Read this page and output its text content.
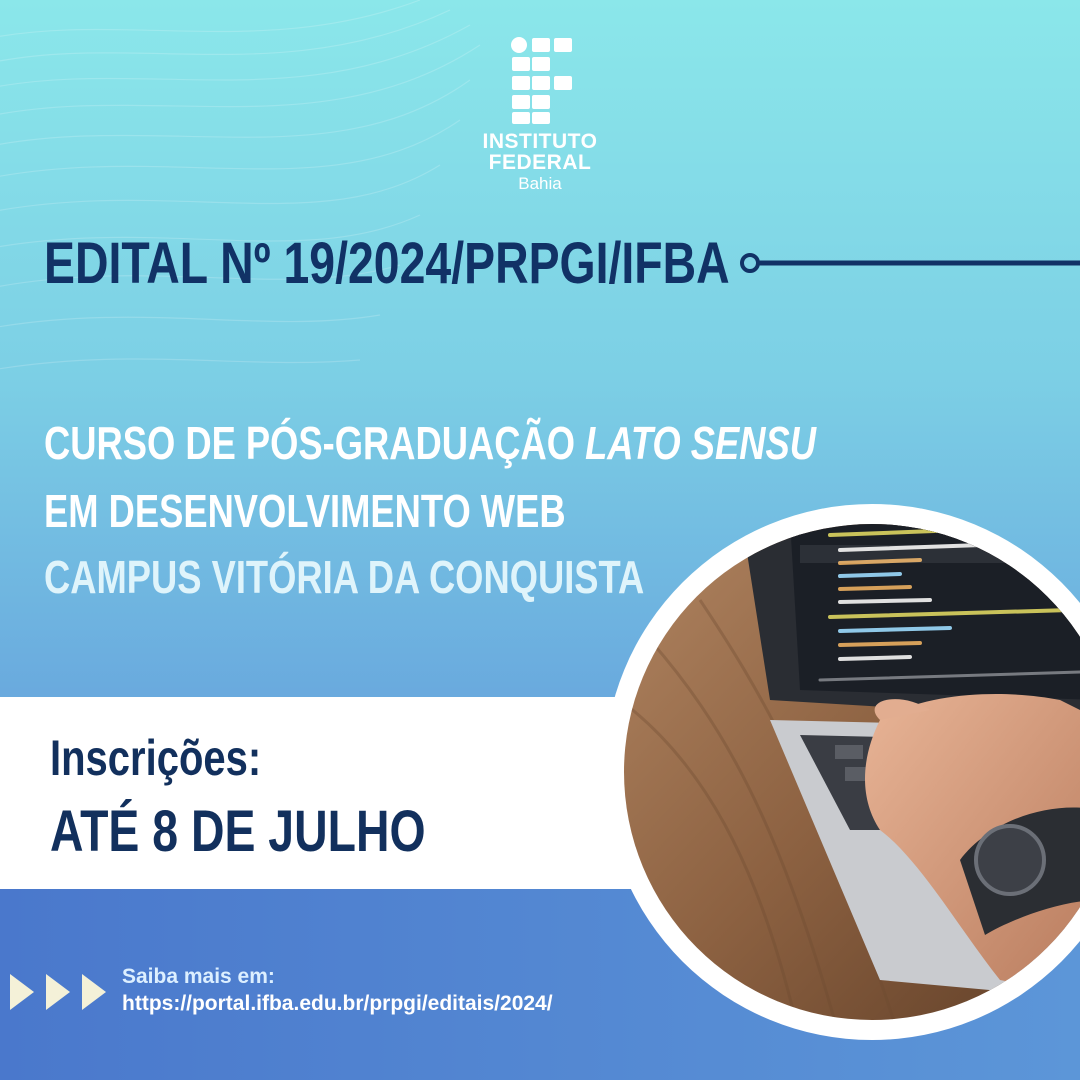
INSTITUTO
FEDERAL
Bahia
EDITAL Nº 19/2024/PRPGI/IFBA
CURSO DE PÓS-GRADUAÇÃO LATO SENSU
EM DESENVOLVIMENTO WEB
CAMPUS VITÓRIA DA CONQUISTA
Inscrições:
ATÉ 8 DE JULHO
Saiba mais em:
https://portal.ifba.edu.br/prpgi/editais/2024/
